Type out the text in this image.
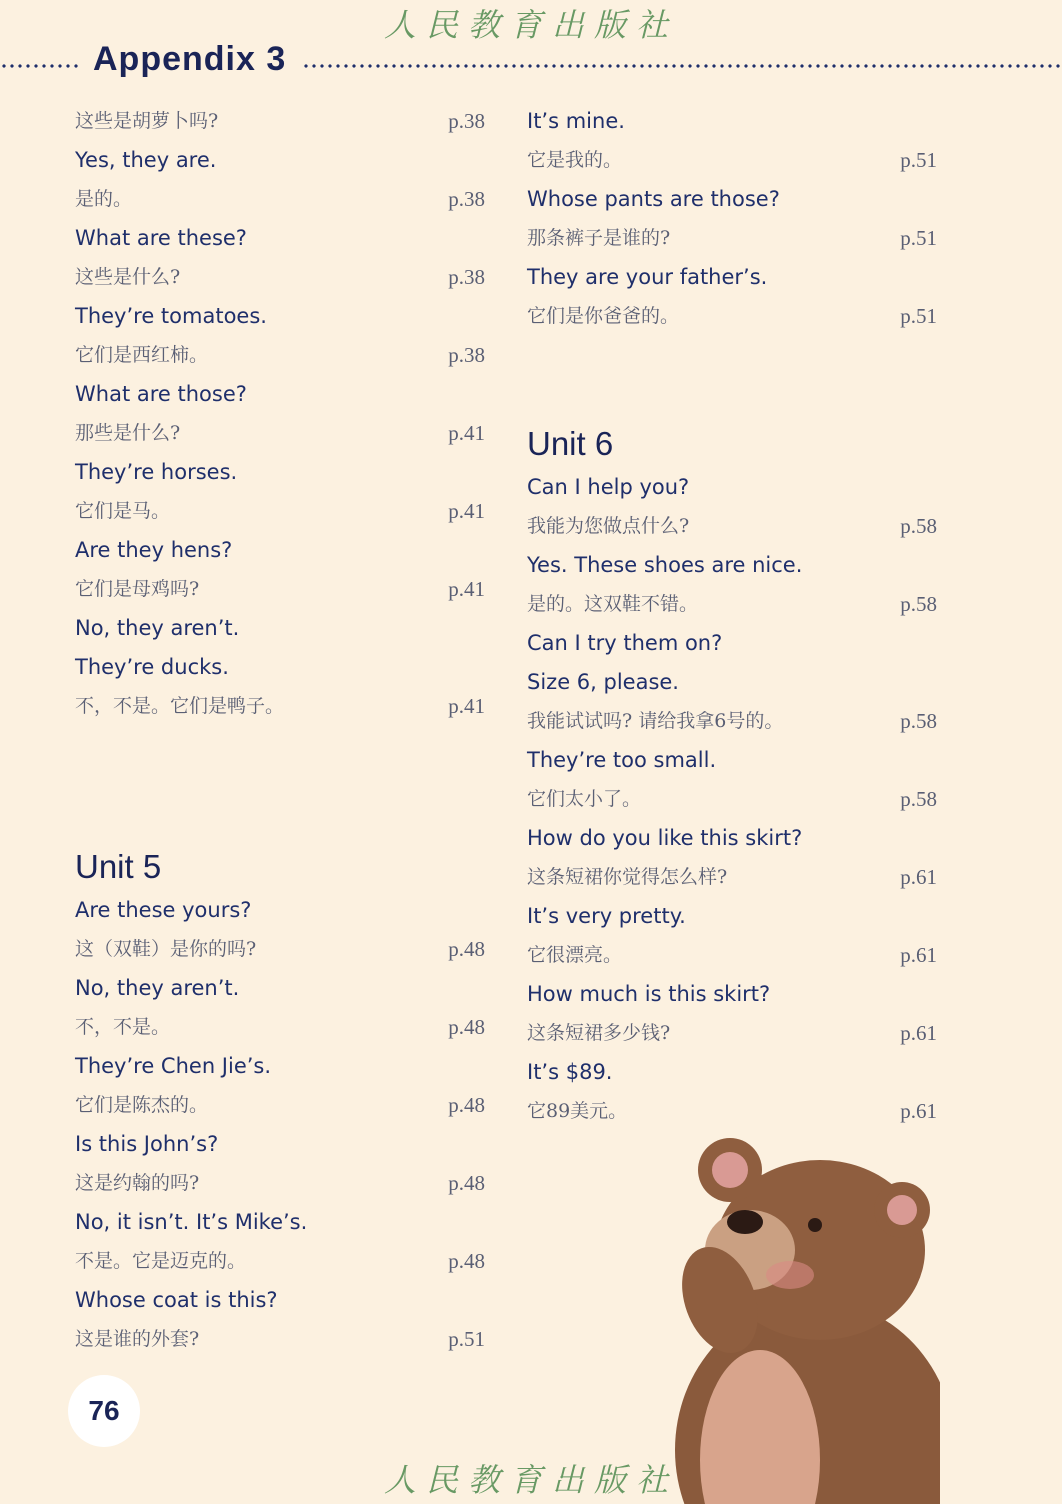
人民教育出版社
Appendix 3
这些是胡萝卜吗?	p.38
Yes, they are.
是的。	p.38
What are these?
这些是什么?	p.38
They’re tomatoes.
它们是西红柿。	p.38
What are those?
那些是什么?	p.41
They’re horses.
它们是马。	p.41
Are they hens?
它们是母鸡吗?	p.41
No, they aren’t.
They’re ducks.
不，不是。它们是鸭子。	p.41
Unit 5
Are these yours?
这（双鞋）是你的吗?	p.48
No, they aren’t.
不，不是。	p.48
They’re Chen Jie’s.
它们是陈杰的。	p.48
Is this John’s?
这是约翰的吗?	p.48
No, it isn’t. It’s Mike’s.
不是。它是迈克的。	p.48
Whose coat is this?
这是谁的外套?	p.51
It’s mine.
它是我的。	p.51
Whose pants are those?
那条裤子是谁的?	p.51
They are your father’s.
它们是你爸爸的。	p.51
Unit 6
Can I help you?
我能为您做点什么?	p.58
Yes. These shoes are nice.
是的。这双鞋不错。	p.58
Can I try them on?
Size 6, please.
我能试试吗? 请给我拿6号的。	p.58
They’re too small.
它们太小了。	p.58
How do you like this skirt?
这条短裙你觉得怎么样?	p.61
It’s very pretty.
它很漂亮。	p.61
How much is this skirt?
这条短裙多少钱?	p.61
It’s $89.
它89美元。	p.61
76
人民教育出版社
